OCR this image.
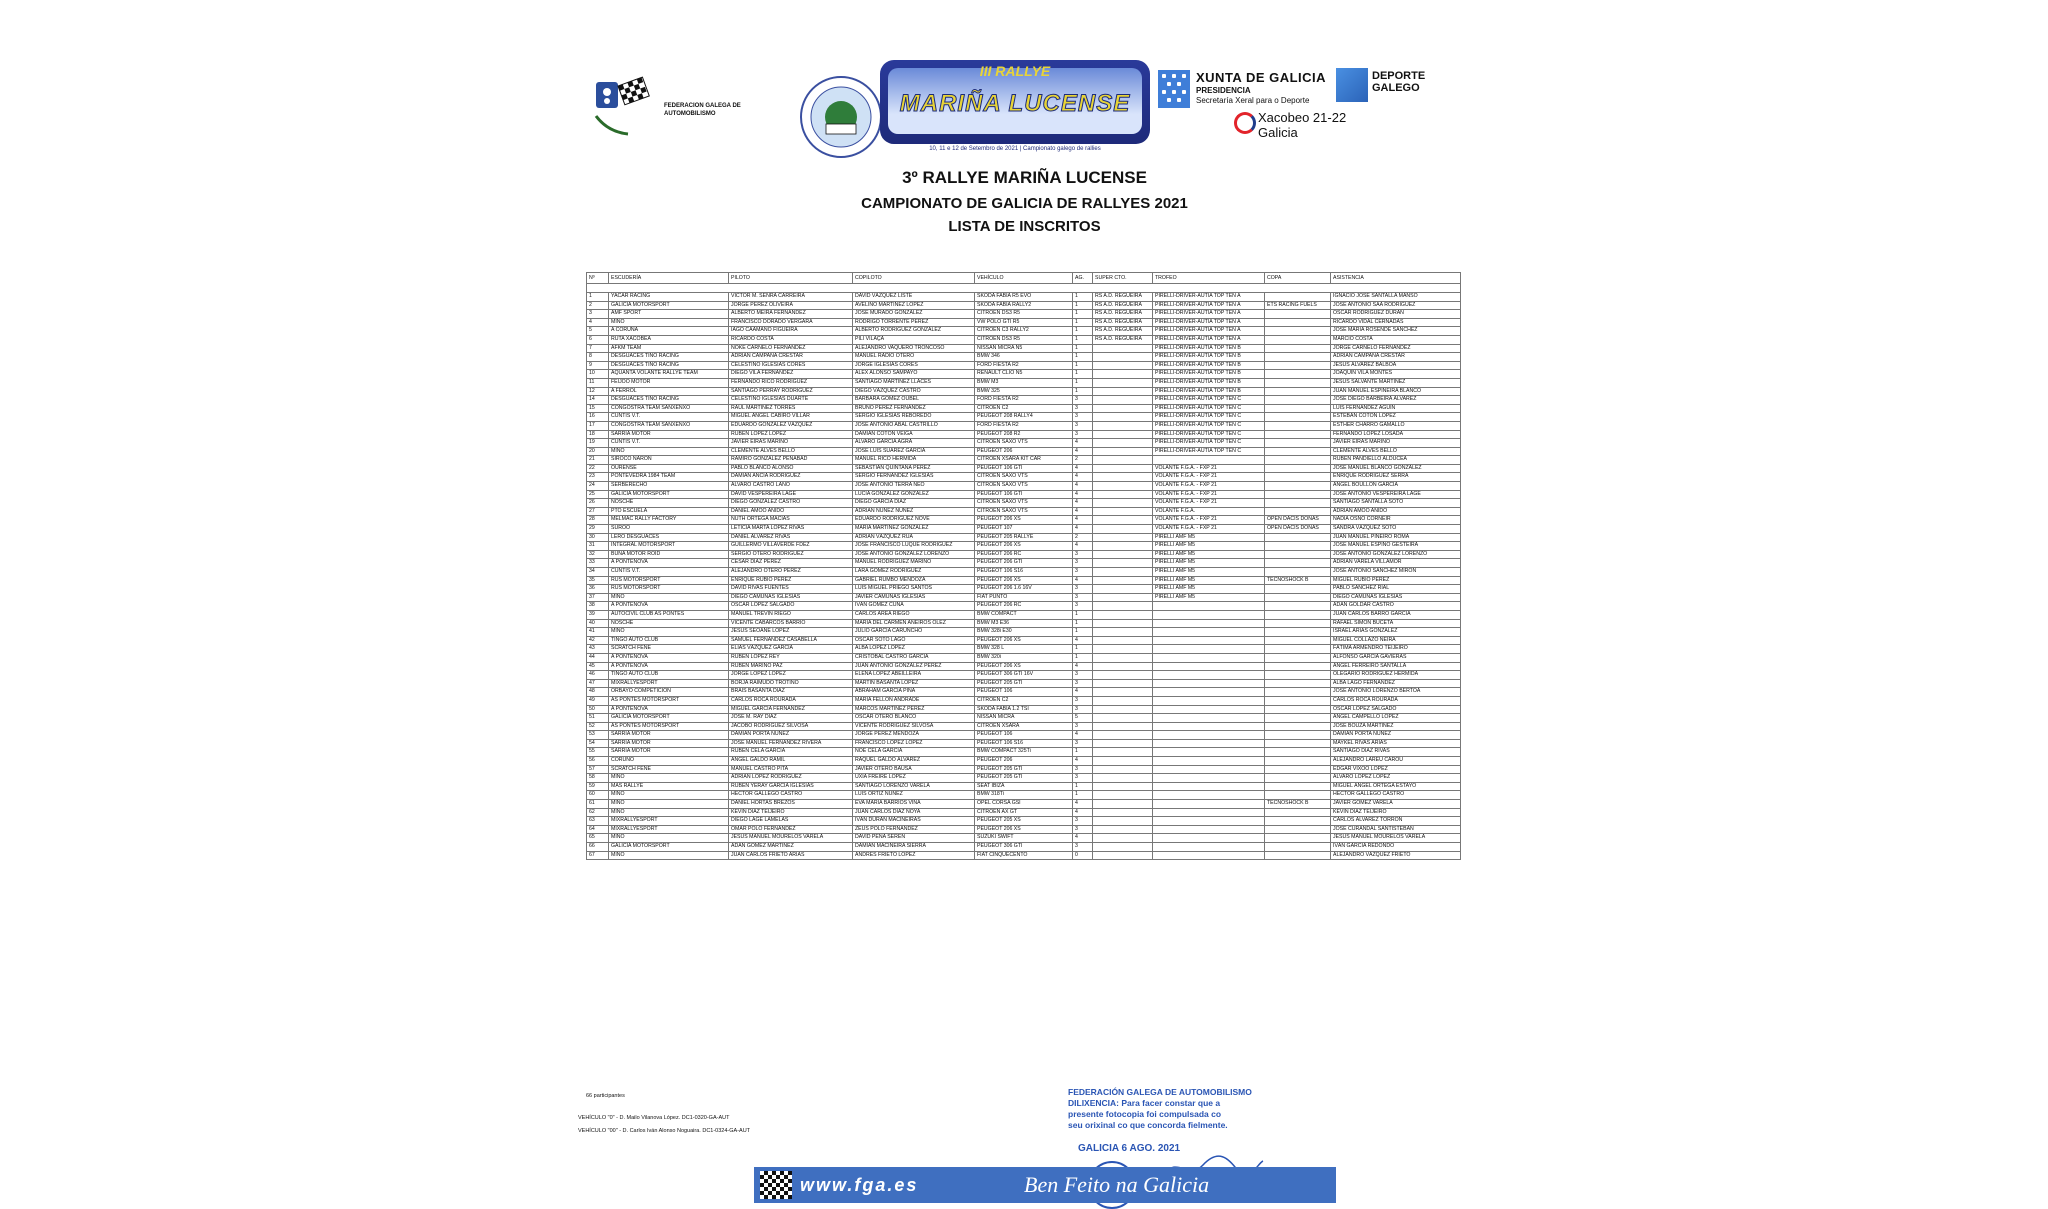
FEDERACION GALEGA DE AUTOMOBILISMO
III RALLYE
MARIÑA LUCENSE
10, 11 e 12 de Setembro de 2021 | Campionato galego de rallies
XUNTA DE GALICIA
PRESIDENCIA
Secretaría Xeral para o Deporte
DEPORTE
GALEGO
Xacobeo 21-22
Galicia
3º RALLYE MARIÑA LUCENSE
CAMPIONATO DE GALICIA DE RALLYES 2021
LISTA DE INSCRITOS
Nº	ESCUDERÍA	PILOTO	COPILOTO	VEHÍCULO	AG.	SUPER CTO.	TROFEO	COPA	ASISTENCIA

1	YACAR RACING	VICTOR M. SENRA CARREIRA	DAVID VÁZQUEZ LISTE	SKODA FABIA R5 EVO	1	RS A.D. REGUEIRA	PIRELLI-DRIVER-AUTIA TOP TEN A		IGNACIO JOSE SANTALLA MANSO
2	GALICIA MOTORSPORT	JORGE PÉREZ OLIVEIRA	AVELINO MARTÍNEZ LÓPEZ	SKODA FABIA RALLY2	1	RS A.D. REGUEIRA	PIRELLI-DRIVER-AUTIA TOP TEN A	ETS RACING FUELS	JOSÉ ANTONIO SAA RODRÍGUEZ
3	AMF SPORT	ALBERTO MEIRA FERNÁNDEZ	JOSÉ MURADO GONZÁLEZ	CITROËN DS3 R5	1	RS A.D. REGUEIRA	PIRELLI-DRIVER-AUTIA TOP TEN A		OSCAR RODRÍGUEZ DURÁN
4	MIÑO	FRANCISCO DORADO VERGARA	RODRIGO TORRENTE PÉREZ	VW POLO GTI R5	1	RS A.D. REGUEIRA	PIRELLI-DRIVER-AUTIA TOP TEN A		RICARDO VIDAL CERNADAS
5	A CORUÑA	IAGO CAAMAÑO FIGUEIRA	ALBERTO RODRÍGUEZ GONZÁLEZ	CITROËN C3 RALLY2	1	RS A.D. REGUEIRA	PIRELLI-DRIVER-AUTIA TOP TEN A		JOSÉ MARÍA ROSENDE SANCHEZ
6	RUTA XACOBEA	RICARDO COSTA	PILI VILAÇA	CITROËN DS3 R5	1	RS A.D. REGUEIRA	PIRELLI-DRIVER-AUTIA TOP TEN A		MARCIO COSTA
7	AFKM TEAM	NOKE CARNELO FERNÁNDEZ	ALEJANDRO VAQUERO TRONCOSO	NISSAN MICRA N5	1		PIRELLI-DRIVER-AUTIA TOP TEN B		JORGE CARNELO FERNÁNDEZ
8	DESGUACES TINO RACING	ADRIÁN CAMPAÑA CRESTAR	MANUEL RADIO OTERO	BMW 346	1		PIRELLI-DRIVER-AUTIA TOP TEN B		ADRIAN CAMPAÑA CRESTAR
9	DESGUACES TINO RACING	CELESTINO IGLESIAS CORES	JORGE IGLESIAS CORES	FORD FIESTA R2	1		PIRELLI-DRIVER-AUTIA TOP TEN B		JESÚS ÁLVAREZ BALBOA
10	AQUANTA VOLANTE RALLYE TEAM	DIEGO VILA FERNÁNDEZ	ALEX ALONSO SAMPAYO	RENAULT CLIO N5	1		PIRELLI-DRIVER-AUTIA TOP TEN B		JOAQUÍN VILA MONTES
11	FEIJÓO MOTOR	FERNANDO RICO RODRÍGUEZ	SANTIAGO MARTÍNEZ LLACES	BMW M3	1		PIRELLI-DRIVER-AUTIA TOP TEN B		JESÚS SALVANTE MARTÍNEZ
12	A FERROL	SANTIAGO PERRAY RODRÍGUEZ	DIEGO VÁZQUEZ CASTRO	BMW 325	1		PIRELLI-DRIVER-AUTIA TOP TEN B		JUAN MANUEL ESPIÑEIRA BLANCO
14	DESGUACES TINO RACING	CELESTINO IGLESIAS DUARTE	BÁRBARA GÓMEZ OUBEL	FORD FIESTA R2	3		PIRELLI-DRIVER-AUTIA TOP TEN C		JOSÉ DIEGO BARBEIRA ÁLVAREZ
15	CONGOSTRA TEAM SANXENXO	RAUL MARTÍNEZ TORRES	BRUNO PÉREZ FERNÁNDEZ	CITROËN C2	3		PIRELLI-DRIVER-AUTIA TOP TEN C		LUIS FERNÁNDEZ AGUIN
16	CUNTIS V.T.	MIGUEL ANGEL CABIRO VILLAR	SERGIO IGLESIAS REBOREDO	PEUGEOT 208 RALLY4	3		PIRELLI-DRIVER-AUTIA TOP TEN C		ESTEBAN COTÓN LÓPEZ
17	CONGOSTRA TEAM SANXENXO	EDUARDO GONZÁLEZ VÁZQUEZ	JOSÉ ANTONIO ABAL CASTRILLO	FORD FIESTA R2	3		PIRELLI-DRIVER-AUTIA TOP TEN C		ESTHER CHARRO GAMALLO
18	SARRIA MOTOR	RUBÉN LÓPEZ LÓPEZ	DAMIÁN COTÓN VEIGA	PEUGEOT 208 R2	3		PIRELLI-DRIVER-AUTIA TOP TEN C		FERNANDO LÓPEZ LOSADA
19	CUNTIS V.T.	JAVIER EIRAS MARIÑO	ÁLVARO GARCÍA AGRA	CITROËN SAXO VTS	4		PIRELLI-DRIVER-AUTIA TOP TEN C		JAVIER EIRAS MARIÑO
20	MIÑO	CLEMENTE ALVES BELLO	JOSÉ LUIS SUÁREZ GARCÍA	PEUGEOT 206	4		PIRELLI-DRIVER-AUTIA TOP TEN C		CLEMENTE ALVES BELLO
21	SIROCO NARÓN	RAMIRO GONZÁLEZ PENABAD	MANUEL RICO HERMIDA	CITROËN XSARA KIT CAR	2				RUBEN PANDIELLO ALDUCEA
22	OURENSE	PABLO BLANCO ALONSO	SEBASTIÁN QUINTANA PÉREZ	PEUGEOT 106 GTI	4		VOLANTE F.G.A. - FXP 21		JOSÉ MANUEL BLANCO GONZÁLEZ
23	PONTEVEDRA 1984 TEAM	DAMIÁN ANCIA RODRÍGUEZ	SERGIO FERNÁNDEZ IGLESIAS	CITROËN SAXO VTS	4		VOLANTE F.G.A. - FXP 21		ENRIQUE RODRÍGUEZ SERRA
24	SERBERECHO	ÁLVARO CASTRO LAÑO	JOSÉ ANTONIO TERRA NEO	CITROËN SAXO VTS	4		VOLANTE F.G.A. - FXP 21		ÁNGEL BOULLÓN GARCÍA
25	GALICIA MOTORSPORT	DAVID VESPEREIRA LAGE	LUCÍA GONZÁLEZ GONZÁLEZ	PEUGEOT 106 GTI	4		VOLANTE F.G.A. - FXP 21		JOSÉ ANTONIO VESPEREIRA LAGE
26	NOSCHE	DIEGO GONZÁLEZ CASTRO	DIEGO GARCÍA DÍAZ	CITROËN SAXO VTS	4		VOLANTE F.G.A. - FXP 21		SANTIAGO SANTALLA SOTO
27	PTO ESCUELA	DANIEL AMOO ANIDO	ADRIÁN NÚÑEZ NÚÑEZ	CITROËN SAXO VTS	4		VOLANTE F.G.A.		ADRIÁN AMOO ANIDO
28	MELMAC RALLY FACTORY	NUTH ORTEGA MACIAS	EDUARDO RODRÍGUEZ NOVE	PEUGEOT 206 XS	4		VOLANTE F.G.A. - FXP 21	OPEN DACIS DONAS	NADIA OSNO CORNEIR
29	SUROO	LETICIA MARTA LÓPEZ RIVAS	MARÍA MARTÍNEZ GONZÁLEZ	PEUGEOT 107	4		VOLANTE F.G.A. - FXP 21	OPEN DACIS DONAS	SANDRA VÁZQUEZ SOTO
30	LERO DESGUACES	DANIEL ALVAREZ RIVAS	ADRIÁN VÁZQUEZ RÚA	PEUGEOT 205 RALLYE	2		PIRELLI AMF M5		JUAN MANUEL PIÑEIRO ROMA
31	INTEGRAL MOTORSPORT	GUILLERMO VILLAVERDE FDEZ	JOSÉ FRANCISCO LUQUE RODRÍGUEZ	PEUGEOT 206 XS	4		PIRELLI AMF M5		JOSÉ MANUEL ESPIÑO GESTEIRA
32	BUNA MOTOR ROID	SERGIO OTERO RODRÍGUEZ	JOSÉ ANTONIO GONZÁLEZ LORENZO	PEUGEOT 206 RC	3		PIRELLI AMF M5		JOSÉ ANTONIO GONZÁLEZ LORENZO
33	A PONTENOVA	CÉSAR DÍAZ PÉREZ	MANUEL RODRÍGUEZ MARIÑO	PEUGEOT 206 GTI	3		PIRELLI AMF M5		ADRIAN VARELA VILLAMOR
34	CUNTIS V.T.	ALEJANDRO OTERO PÉREZ	LARA GÓMEZ RODRÍGUEZ	PEUGEOT 106 S16	3		PIRELLI AMF M5		JOSÉ ANTONIO SÁNCHEZ MIRÓN
35	RUS MOTORSPORT	ENRIQUE RUBIO PÉREZ	GABRIEL RUMBO MENDOZA	PEUGEOT 206 XS	4		PIRELLI AMF M5	TECNOSHOCK B	MIGUEL RUBIO PÉREZ
36	RUS MOTORSPORT	DAVID RIVAS FUENTES	LUIS MIGUEL PRIEGO SANTOS	PEUGEOT 206 1.6 16V	3		PIRELLI AMF M5		PABLO SANCHEZ RIAL
37	MIÑO	DIEGO CAMUÑAS IGLESIAS	JAVIER CAMUÑAS IGLESIAS	FIAT PUNTO	3		PIRELLI AMF M5		DIEGO CAMUÑAS IGLESIAS
38	A PONTENOVA	ÓSCAR LÓPEZ SALGADO	IVÁN GÓMEZ CUÑA	PEUGEOT 206 RC	3				ADÁN GOLDAR CASTRO
39	AUTOCIVIL CLUB AS PONTES	MANUEL TREVIN RIEGO	CARLOS AREA RIEGO	BMW COMPACT	1				JUAN CARLOS BARRO GARCÍA
40	NOSCHE	VICENTE CABARCOS BARRIO	MARÍA DEL CARMEN ANEIROS OLEZ	BMW M3 E36	1				RAFAEL SIMÓN BUCETA
41	MIÑO	JESÚS SEOANE LÓPEZ	JULIO GARCÍA CARUNCHO	BMW 328i E30	1				ISRAEL ARIAS GONZÁLEZ
42	TINGO AUTO CLUB	SAMUEL FERNÁNDEZ CASABELLA	OSCAR SOTO LAGO	PEUGEOT 206 XS	4				MIGUEL COLLAZO NEIRA
43	SCRATCH FENE	ELÍAS VÁZQUEZ GARCÍA	ALBA LÓPEZ LÓPEZ	BMW 328 L	1				FÁTIMA ARMENDRO TEIJEIRO
44	A PONTENOVA	RUBÉN LÓPEZ REY	CRISTOBAL CASTRO GARCÍA	BMW 320i	1				ALFONSO GARCÍA GAVIERAS
45	A PONTENOVA	RUBÉN MARIÑO PAZ	JUAN ANTONIO GONZÁLEZ PÉREZ	PEUGEOT 206 XS	4				ÁNGEL FERREIRO SANTALLA
46	TINGO AUTO CLUB	JORGE LÓPEZ LÓPEZ	ELENA LÓPEZ ABEILLEIRA	PEUGEOT 306 GTI 16V	3				OLEGARIO RODRÍGUEZ HERMIDA
47	MIXRALLYESPORT	BORJA RAIMUDO TROTIÑO	MARTÍN BASANTA LÓPEZ	PEUGEOT 205 GTI	3				ALBA LAGO FERNÁNDEZ
48	ORBAYO COMPETICIÓN	BRAIS BASANTA DÍAZ	ABRAHAM GARCÍA PIÑA	PEUGEOT 106	4				JOSÉ ANTONIO LORENZO BERTOA
49	AS PONTES MOTORSPORT	CARLOS ROCA ROURADA	MARÍA FELLÓN ANDRADE	CITROËN C2	3				CARLOS ROCA ROURADA
50	A PONTENOVA	MIGUEL GARCÍA FERNÁNDEZ	MARCOS MARTÍNEZ PÉREZ	SKODA FABIA 1.2 TSI	3				OSCAR LÓPEZ SALGADO
51	GALICIA MOTORSPORT	JOSÉ M. RAY DÍAZ	OSCAR OTERO BLANCO	NISSAN MICRA	5				ÁNGEL CAMPELLO LÓPEZ
52	AS PONTES MOTORSPORT	JACOBO RODRÍGUEZ SILVOSA	VICENTE RODRÍGUEZ SILVOSA	CITROËN XSARA	3				JOSÉ BOUZA MARTÍNEZ
53	SARRIA MOTOR	DAMIÁN PORTA NÚÑEZ	JORGE PÉREZ MENDOZA	PEUGEOT 106	4				DAMIÁN PORTA NÚÑEZ
54	SARRIA MOTOR	JOSÉ MANUEL FERNÁNDEZ RIVERA	FRANCISCO LÓPEZ LÓPEZ	PEUGEOT 106 S16	3				MAYKEL RIVAS ARIAS
55	SARRIA MOTOR	RUBÉN CELA GARCÍA	NOÉ CELA GARCÍA	BMW COMPACT 325Ti	1				SANTIAGO DÍAZ RIVAS
56	CORUÑO	ANGEL GALDO RAMIL	RAQUEL GALDO ÁLVAREZ	PEUGEOT 206	4				ALEJANDRO LAREU CAROU
57	SCRATCH FENE	MANUEL CASTRO PITA	JAVIER OTERO BAUSA	PEUGEOT 205 GTI	3				EDGAR VIXOO LÓPEZ
58	MIÑO	ADRIÁN LÓPEZ RODRÍGUEZ	UXÍA FREIRE LÓPEZ	PEUGEOT 205 GTI	3				ÁLVARO LÓPEZ LÓPEZ
59	MAS RALLYE	RUBÉN YERAY GARCÍA IGLESIAS	SANTIAGO LORENZO VARELA	SEAT IBIZA	1				MIGUEL ÁNGEL ORTEGA ESTAYO
60	MIÑO	HÉCTOR GALLEGO CASTRO	LUIS ORTIZ NÚÑEZ	BMW 318Ti	1				HÉCTOR GALLEGO CASTRO
61	MIÑO	DANIEL HORTAS BREZOS	EVA MARÍA BARRIOS VIÑA	OPEL CORSA GSI	4			TECNOSHOCK B	JAVIER GÓMEZ VARELA
62	MIÑO	KEVIN DÍAZ TEIJEIRO	JUAN CARLOS DÍAZ NOYA	CITROËN AX GT	4				KEVIN DÍAZ TEIJEIRO
63	MIXRALLYESPORT	DIEGO LAGE LAMELAS	IVÁN DURÁN MACÍÑEIRAS	PEUGEOT 205 XS	3				CARLOS ÁLVAREZ TORRÓN
64	MIXRALLYESPORT	OMAR POLO FERNÁNDEZ	ZEUS POLO FERNÁNDEZ	PEUGEOT 206 XS	3				JOSÉ CURANDAL SANTISTEBAN
65	MIÑO	JESÚS MANUEL MOURELOS VARELA	DAVID PENA SERÉN	SUZUKI SWIFT	4				JESÚS MANUEL MOURELOS VARELA
66	GALICIA MOTORSPORT	ADÁN GÓMEZ MARTÍNEZ	DAMIÁN MACIÑEIRA SIERRA	PEUGEOT 306 GTI	3				IVÁN GARCÍA REDONDO
67	MIÑO	JUAN CARLOS FRIETO ARIAS	ANDRÉS FRIETO LÓPEZ	FIAT CINQUECENTO	0				ALEJANDRO VÁZQUEZ FRIETO
66 participantes
VEHÍCULO "0" - D. Mailo Vilanova López. DC1-0320-GA-AUT
VEHÍCULO "00" - D. Carlos Iván Alonso Noguaira. DC1-0324-GA-AUT
FEDERACIÓN GALEGA DE AUTOMOBILISMO
DILIXENCIA: Para facer constar que a
presente fotocopia foi compulsada co
seu orixinal co que concorda fielmente.
GALICIA 6 AGO. 2021
www.fga.es	Ben Feito na Galicia
